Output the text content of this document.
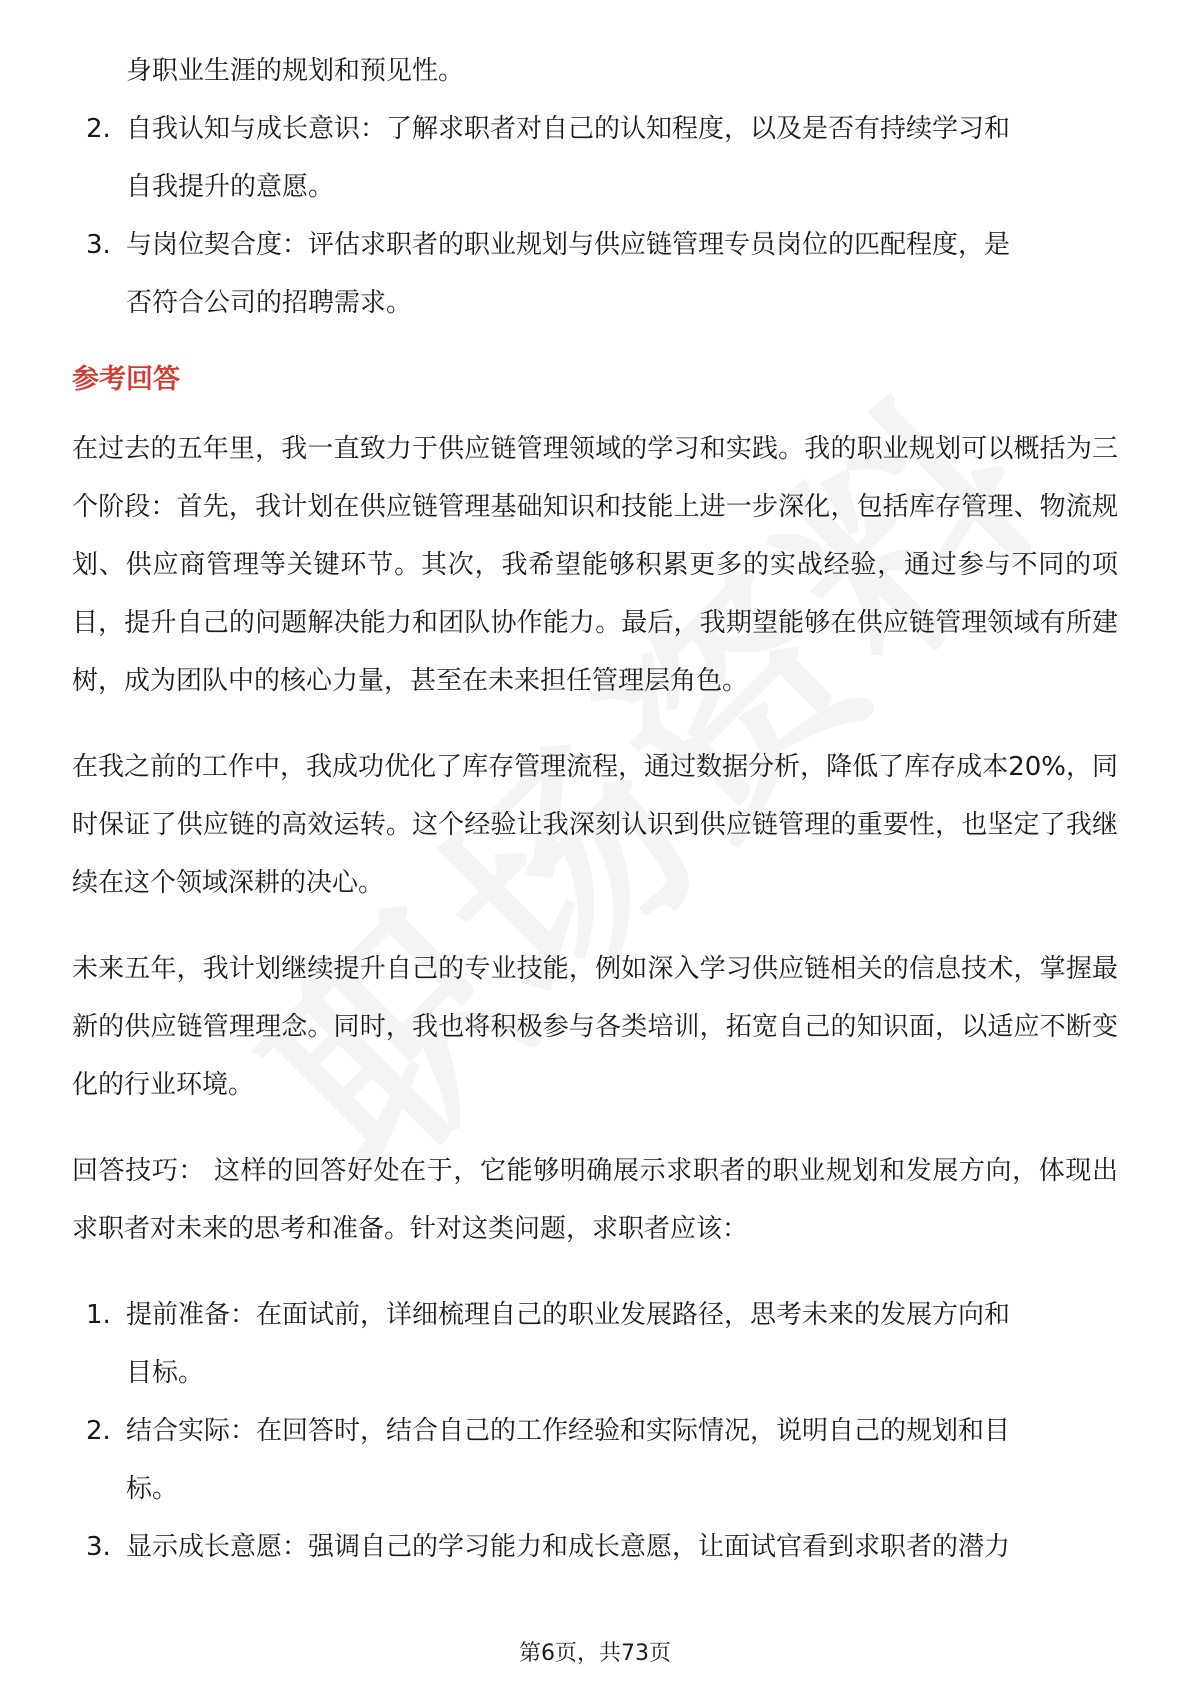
身职业生涯的规划和预见性。
2. 自我认知与成长意识：了解求职者对自己的认知程度，以及是否有持续学习和
自我提升的意愿。
3. 与岗位契合度：评估求职者的职业规划与供应链管理专员岗位的匹配程度，是
否符合公司的招聘需求。
参考回答

在过去的五年里，我一直致力于供应链管理领域的学习和实践。我的职业规划可以概括为三个阶段：首先，我计划在供应链管理基础知识和技能上进一步深化，包括库存管理、物流规划、供应商管理等关键环节。其次，我希望能够积累更多的实战经验，通过参与不同的项目，提升自己的问题解决能力和团队协作能力。最后，我期望能够在供应链管理领域有所建树，成为团队中的核心力量，甚至在未来担任管理层角色。

在我之前的工作中，我成功优化了库存管理流程，通过数据分析，降低了库存成本20%，同时保证了供应链的高效运转。这个经验让我深刻认识到供应链管理的重要性，也坚定了我继续在这个领域深耕的决心。

未来五年，我计划继续提升自己的专业技能，例如深入学习供应链相关的信息技术，掌握最新的供应链管理理念。同时，我也将积极参与各类培训，拓宽自己的知识面，以适应不断变化的行业环境。

回答技巧： 这样的回答好处在于，它能够明确展示求职者的职业规划和发展方向，体现出求职者对未来的思考和准备。针对这类问题，求职者应该：

1. 提前准备：在面试前，详细梳理自己的职业发展路径，思考未来的发展方向和
目标。
2. 结合实际：在回答时，结合自己的工作经验和实际情况，说明自己的规划和目
标。
3. 显示成长意愿：强调自己的学习能力和成长意愿，让面试官看到求职者的潜力
第6页，共73页
